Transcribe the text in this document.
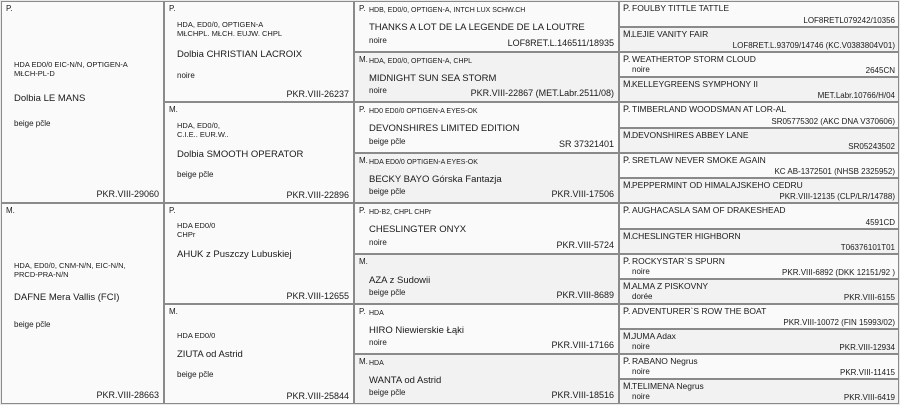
P.
HDA ED0/0 EIC-N/N, OPTIGEN-A
MŁCH-PL-D
Dolbia LE MANS
beige pčle
PKR.VIII-29060
M.
HDA, ED0/0, CNM-N/N, EIC-N/N,
PRCD-PRA-N/N
DAFNE Mera Vallis (FCI)
beige pčle
PKR.VIII-28663
P.
HDA, ED0/0, OPTIGEN-A
MŁCHPL. MŁCH. EUJW. CHPL
Dolbia CHRISTIAN LACROIX
noire
PKR.VIII-26237
M.
HDA, ED0/0,
C.I.E.. EUR.W..
Dolbia SMOOTH OPERATOR
beige pčle
PKR.VIII-22896
P.
HDA ED0/0
CHPr
AHUK z Puszczy Lubuskiej
PKR.VIII-12655
M.
HDA ED0/0
ZIUTA od Astrid
beige pčle
PKR.VIII-25844
P. HDB, ED0/0, OPTIGEN-A, INTCH LUX SCHW.CH
THANKS A LOT DE LA LEGENDE DE LA LOUTRE
noire	LOF8RET.L.146511/18935
M. HDA, ED0/0, OPTIGEN-A, CHPL
MIDNIGHT SUN SEA STORM
noire	PKR.VIII-22867 (MET.Labr.2511/08)
P. HD0 ED0/0 OPTIGEN-A EYES-OK
DEVONSHIRES LIMITED EDITION
beige pčle	SR 37321401
M. HDA ED0/0 OPTIGEN-A EYES-OK
BECKY BAYO Górska Fantazja
beige pčle	PKR.VIII-17506
P. HD-B2, CHPL CHPr
CHESLINGTER ONYX
noire	PKR.VIII-5724
M.
AZA z Sudowii
beige pčle	PKR.VIII-8689
P. HDA
HIRO Niewierskie Łąki
noire	PKR.VIII-17166
M. HDA
WANTA od Astrid
beige pčle	PKR.VIII-18516
P. FOULBY TITTLE TATTLE
LOF8RETL079242/10356
M. LEJIE VANITY FAIR
LOF8RET.L.93709/14746 (KC.V0383804V01)
P. WEATHERTOP STORM CLOUD
noire	2645CN
M. KELLEYGREENS SYMPHONY II
MET.Labr.10766/H/04
P. TIMBERLAND WOODSMAN AT LOR-AL
SR05775302 (AKC DNA V370606)
M. DEVONSHIRES ABBEY LANE
SR05243502
P. SRETLAW NEVER SMOKE AGAIN
KC AB-1372501 (NHSB 2325952)
M. PEPPERMINT OD HIMALAJSKEHO CEDRU
PKR.VIII-12135 (CLP/LR/14788)
P. AUGHACASLA SAM OF DRAKESHEAD
4591CD
M. CHESLINGTER HIGHBORN
T06376101T01
P. ROCKYSTAR`S SPURN
noire	PKR.VIII-6892 (DKK 12151/92 )
M. ALMA Z PISKOVNY
dorée	PKR.VIII-6155
P. ADVENTURER`S ROW THE BOAT
PKR.VIII-10072 (FIN 15993/02)
M. JUMA Adax
noire	PKR.VIII-12934
P. RABANO Negrus
noire	PKR.VIII-11415
M. TELIMENA Negrus
noire	PKR.VIII-6419
